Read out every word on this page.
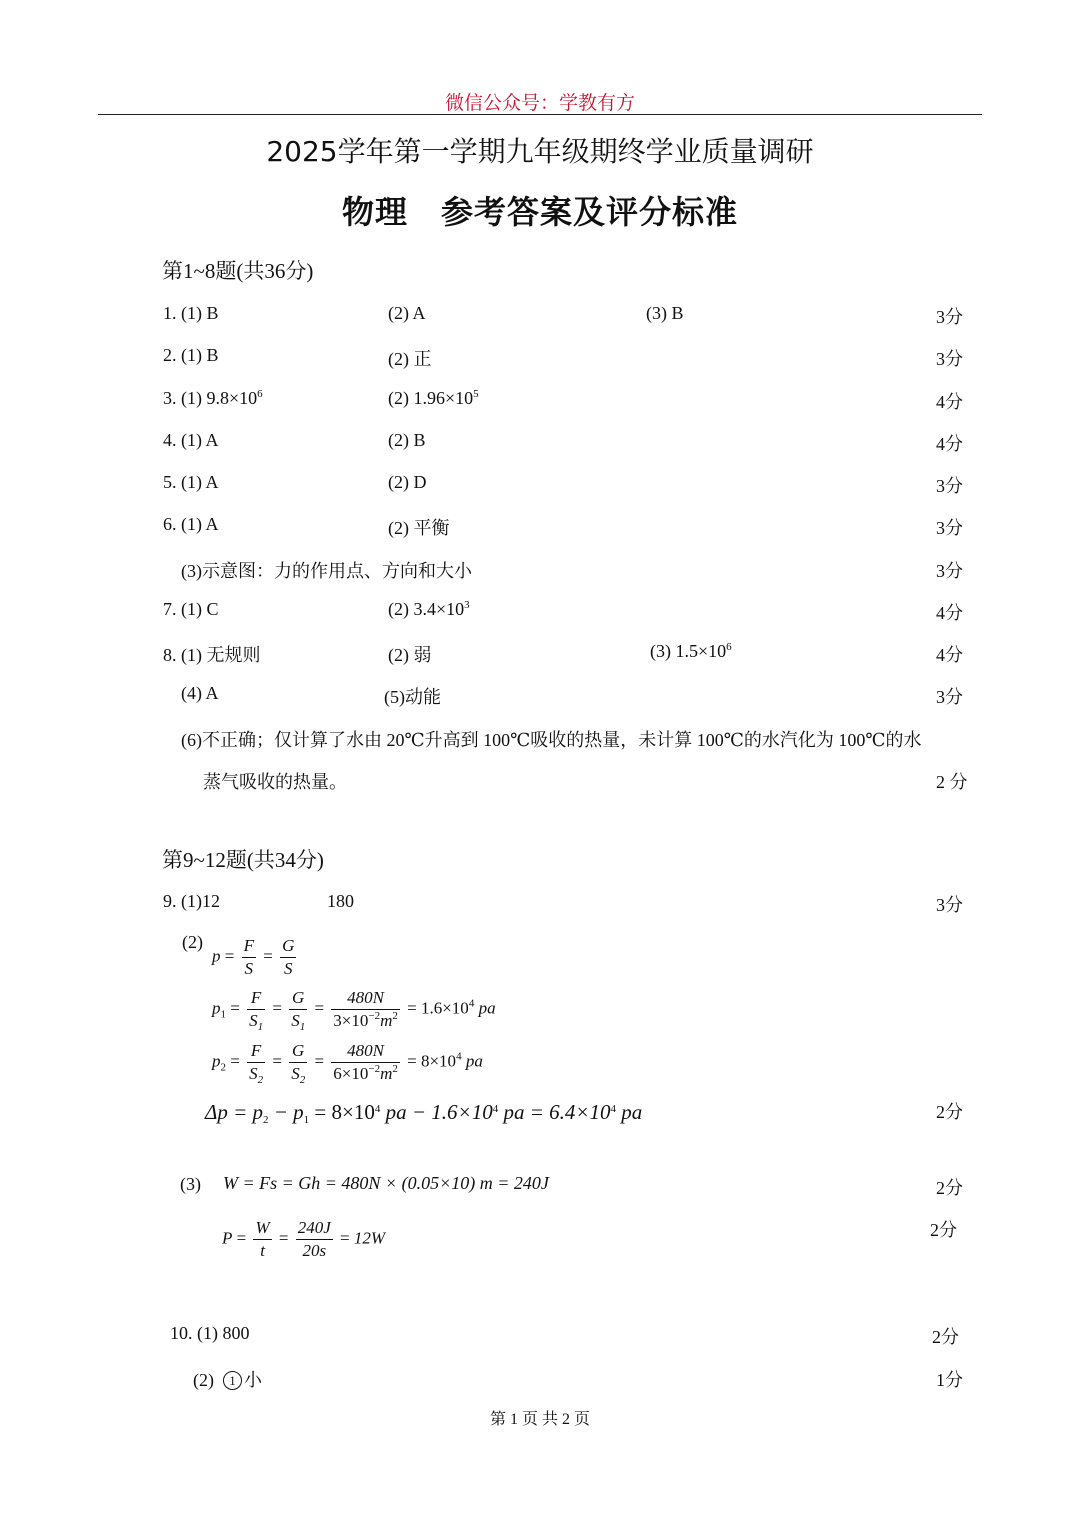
微信公众号：学教有方
2025学年第一学期九年级期终学业质量调研
物理　参考答案及评分标准
第1~8题(共36分)
1. (1) B	(2) A	(3) B	3分
2. (1) B	(2) 正	3分
3. (1) $9.8\times 10^6$	(2) $1.96\times 10^5$	4分
4. (1) A	(2) B	4分
5. (1) A	(2) D	3分
6. (1) A	(2) 平衡	3分
(3)示意图：力的作用点、方向和大小	3分
7. (1) C	(2) $3.4\times 10^3$	4分
8. (1) 无规则	(2) 弱	(3) $1.5\times 10^6$	4分
(4) A	(5)动能	3分
(6)不正确；仅计算了水由 20℃升高到 100℃吸收的热量，未计算 100℃的水汽化为 100℃的水
蒸气吸收的热量。	2 分
第9~12题(共34分)
9. (1)12	180	3分
(2)
$p = \frac{F}{S} = \frac{G}{S}$
$p_1 = \frac{F}{S_1} = \frac{G}{S_1} = \frac{480N}{3\times 10^{-2}m^2} = 1.6\times 10^4$ pa
$p_2 = \frac{F}{S_2} = \frac{G}{S_2} = \frac{480N}{6\times 10^{-2}m^2} = 8\times 10^4$ pa
$\Delta p = p_2 - p_1 = 8\times 10^4$ pa − $1.6\times 10^4$ pa = $6.4\times 10^4$ pa	2分
(3) W = Fs = Gh = 480N × (0.05×10) m = 240J	2分
$P = \frac{W}{t} = \frac{240J}{20s} = 12W$	2分
10. (1) 800	2分
(2) 1 小	1分
第 1 页 共 2 页
